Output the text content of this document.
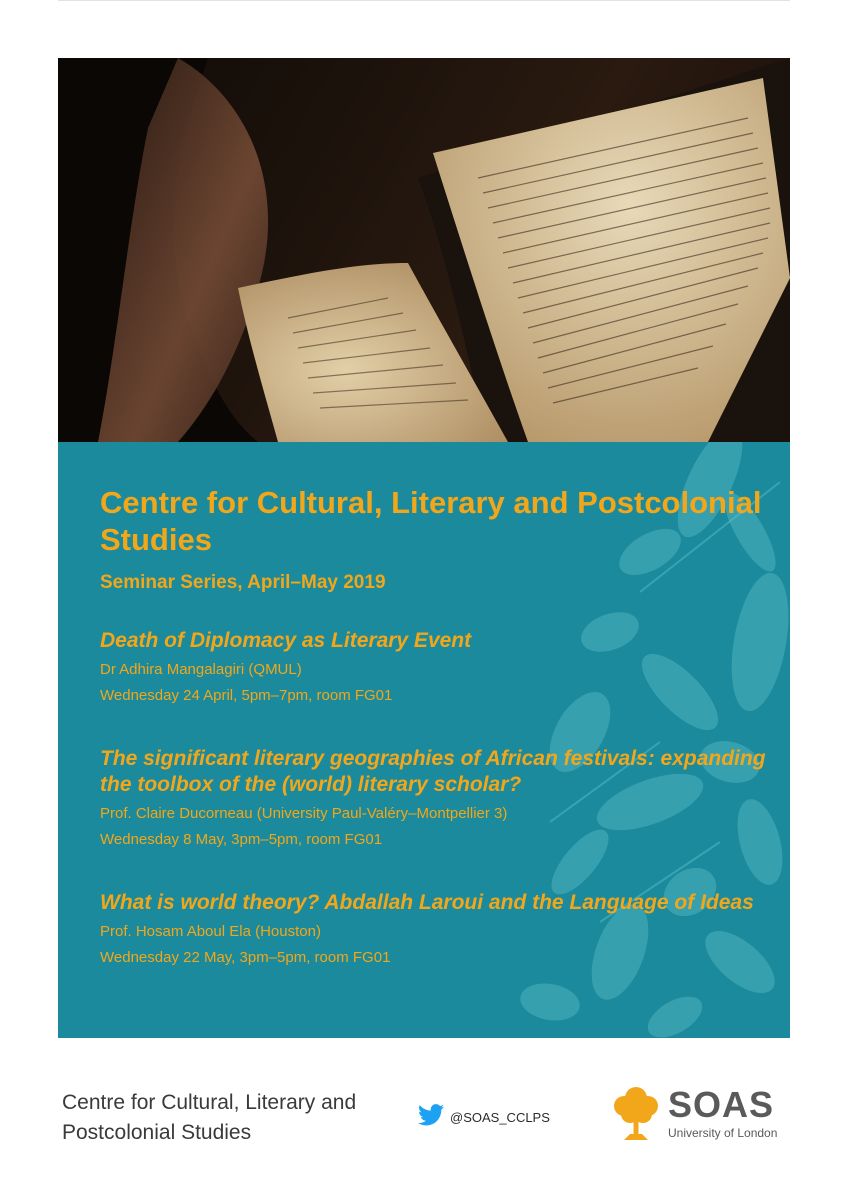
Centre for Cultural, Literary and Postcolonial Studies

Seminar Series, April–May 2019

Death of Diplomacy as Literary Event

Dr Adhira Mangalagiri (QMUL)

Wednesday 24 April, 5pm–7pm, room FG01

The significant literary geographies of African festivals: expanding the toolbox of the (world) literary scholar?

Prof. Claire Ducorneau (University Paul-Valéry–Montpellier 3)

Wednesday 8 May, 3pm–5pm, room FG01

What is world theory? Abdallah Laroui and the Language of Ideas

Prof. Hosam Aboul Ela (Houston)

Wednesday 22 May, 3pm–5pm, room FG01

Centre for Cultural, Literary and Postcolonial Studies
@SOAS_CCLPS	SOAS
University of London
